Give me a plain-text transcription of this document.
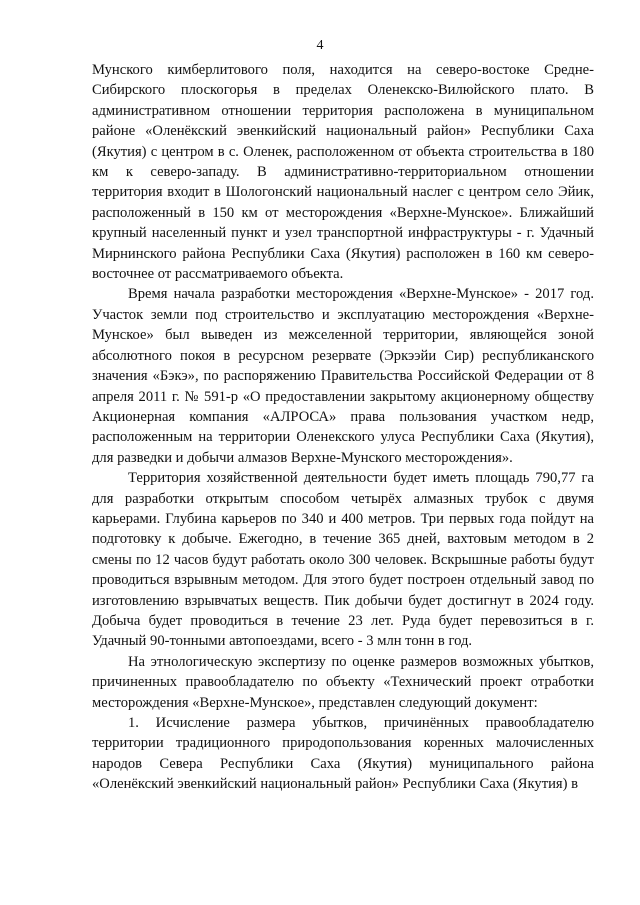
4

Мунского кимберлитового поля, находится на северо-востоке Средне-Сибирского плоскогорья в пределах Оленекско-Вилюйского плато. В административном отношении территория расположена в муниципальном районе «Оленёкский эвенкийский национальный район» Республики Саха (Якутия) с центром в с. Оленек, расположенном от объекта строительства в 180 км к северо-западу. В административно-территориальном отношении территория входит в Шологонский национальный наслег с центром село Эйик, расположенный в 150 км от месторождения «Верхне-Мунское». Ближайший крупный населенный пункт и узел транспортной инфраструктуры - г. Удачный Мирнинского района Республики Саха (Якутия) расположен в 160 км северо-восточнее от рассматриваемого объекта.

Время начала разработки месторождения «Верхне-Мунское» - 2017 год. Участок земли под строительство и эксплуатацию месторождения «Верхне-Мунское» был выведен из межселенной территории, являющейся зоной абсолютного покоя в ресурсном резервате (Эркээйи Сир) республиканского значения «Бэкэ», по распоряжению Правительства Российской Федерации от 8 апреля 2011 г. № 591-р «О предоставлении закрытому акционерному обществу Акционерная компания «АЛРОСА» права пользования участком недр, расположенным на территории Оленекского улуса Республики Саха (Якутия), для разведки и добычи алмазов Верхне-Мунского месторождения».

Территория хозяйственной деятельности будет иметь площадь 790,77 га для разработки открытым способом четырёх алмазных трубок с двумя карьерами. Глубина карьеров по 340 и 400 метров. Три первых года пойдут на подготовку к добыче. Ежегодно, в течение 365 дней, вахтовым методом в 2 смены по 12 часов будут работать около 300 человек. Вскрышные работы будут проводиться взрывным методом. Для этого будет построен отдельный завод по изготовлению взрывчатых веществ. Пик добычи будет достигнут в 2024 году. Добыча будет проводиться в течение 23 лет. Руда будет перевозиться в г. Удачный 90-тонными автопоездами, всего - 3 млн тонн в год.

На этнологическую экспертизу по оценке размеров возможных убытков, причиненных правообладателю по объекту «Технический проект отработки месторождения «Верхне-Мунское», представлен следующий документ:

1. Исчисление размера убытков, причинённых правообладателю территории традиционного природопользования коренных малочисленных народов Севера Республики Саха (Якутия) муниципального района «Оленёкский эвенкийский национальный район» Республики Саха (Якутия) в
